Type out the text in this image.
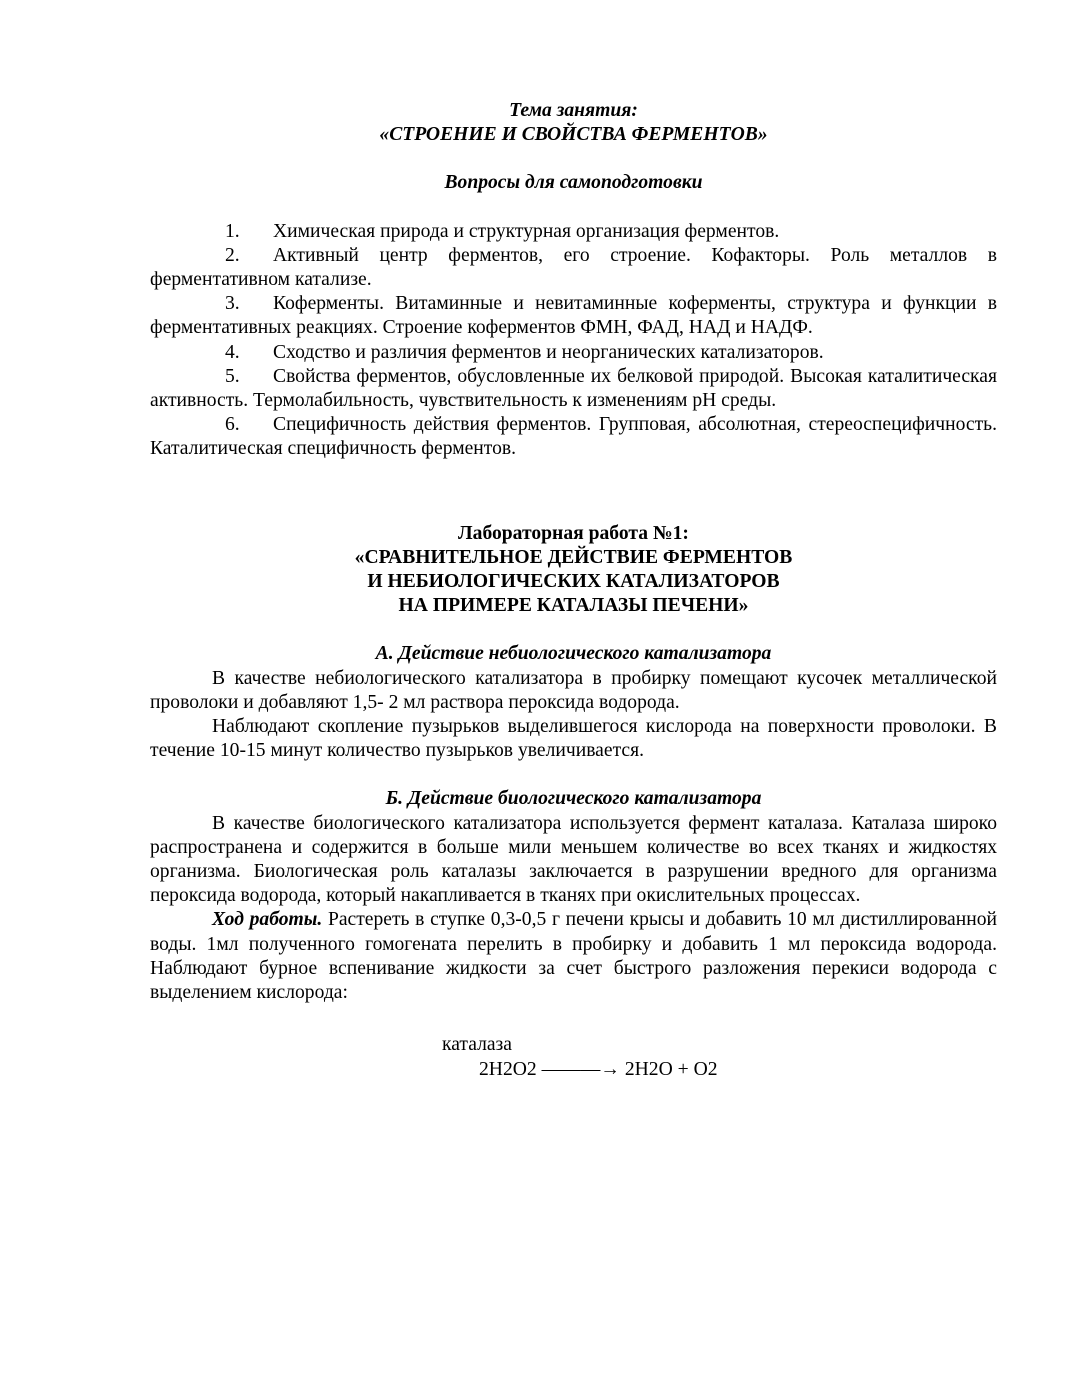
Тема занятия:

«СТРОЕНИЕ И СВОЙСТВА ФЕРМЕНТОВ»

Вопросы для самоподготовки

1. Химическая природа и структурная организация ферментов.

2. Активный центр ферментов, его строение. Кофакторы. Роль металлов в ферментативном катализе.

3. Коферменты. Витаминные и невитаминные коферменты, структура и функции в ферментативных реакциях. Строение коферментов ФМН, ФАД, НАД и НАДФ.

4. Сходство и различия ферментов и неорганических катализаторов.

5. Свойства ферментов, обусловленные их белковой природой. Высокая каталитическая активность. Термолабильность, чувствительность к изменениям pH среды.

6. Специфичность действия ферментов. Групповая, абсолютная, стереоспецифичность. Каталитическая специфичность ферментов.

Лабораторная работа №1:

«СРАВНИТЕЛЬНОЕ ДЕЙСТВИЕ ФЕРМЕНТОВ

И НЕБИОЛОГИЧЕСКИХ КАТАЛИЗАТОРОВ

НА ПРИМЕРЕ КАТАЛАЗЫ ПЕЧЕНИ»

А. Действие небиологического катализатора

В качестве небиологического катализатора в пробирку помещают кусочек металлической проволоки и добавляют 1,5- 2 мл раствора пероксида водорода.

Наблюдают скопление пузырьков выделившегося кислорода на поверхности проволоки. В течение 10-15 минут количество пузырьков увеличивается.

Б. Действие биологического катализатора

В качестве биологического катализатора используется фермент каталаза. Каталаза широко распространена и содержится в больше мили меньшем количестве во всех тканях и жидкостях организма. Биологическая роль каталазы заключается в разрушении вредного для организма пероксида водорода, который накапливается в тканях при окислительных процессах.

Ход работы. Растереть в ступке 0,3-0,5 г печени крысы и добавить 10 мл дистиллированной воды. 1мл полученного гомогената перелить в пробирку и добавить 1 мл пероксида водорода. Наблюдают бурное вспенивание жидкости за счет быстрого разложения перекиси водорода с выделением кислорода:

каталаза

2H2O2 ———→ 2H2O + O2
